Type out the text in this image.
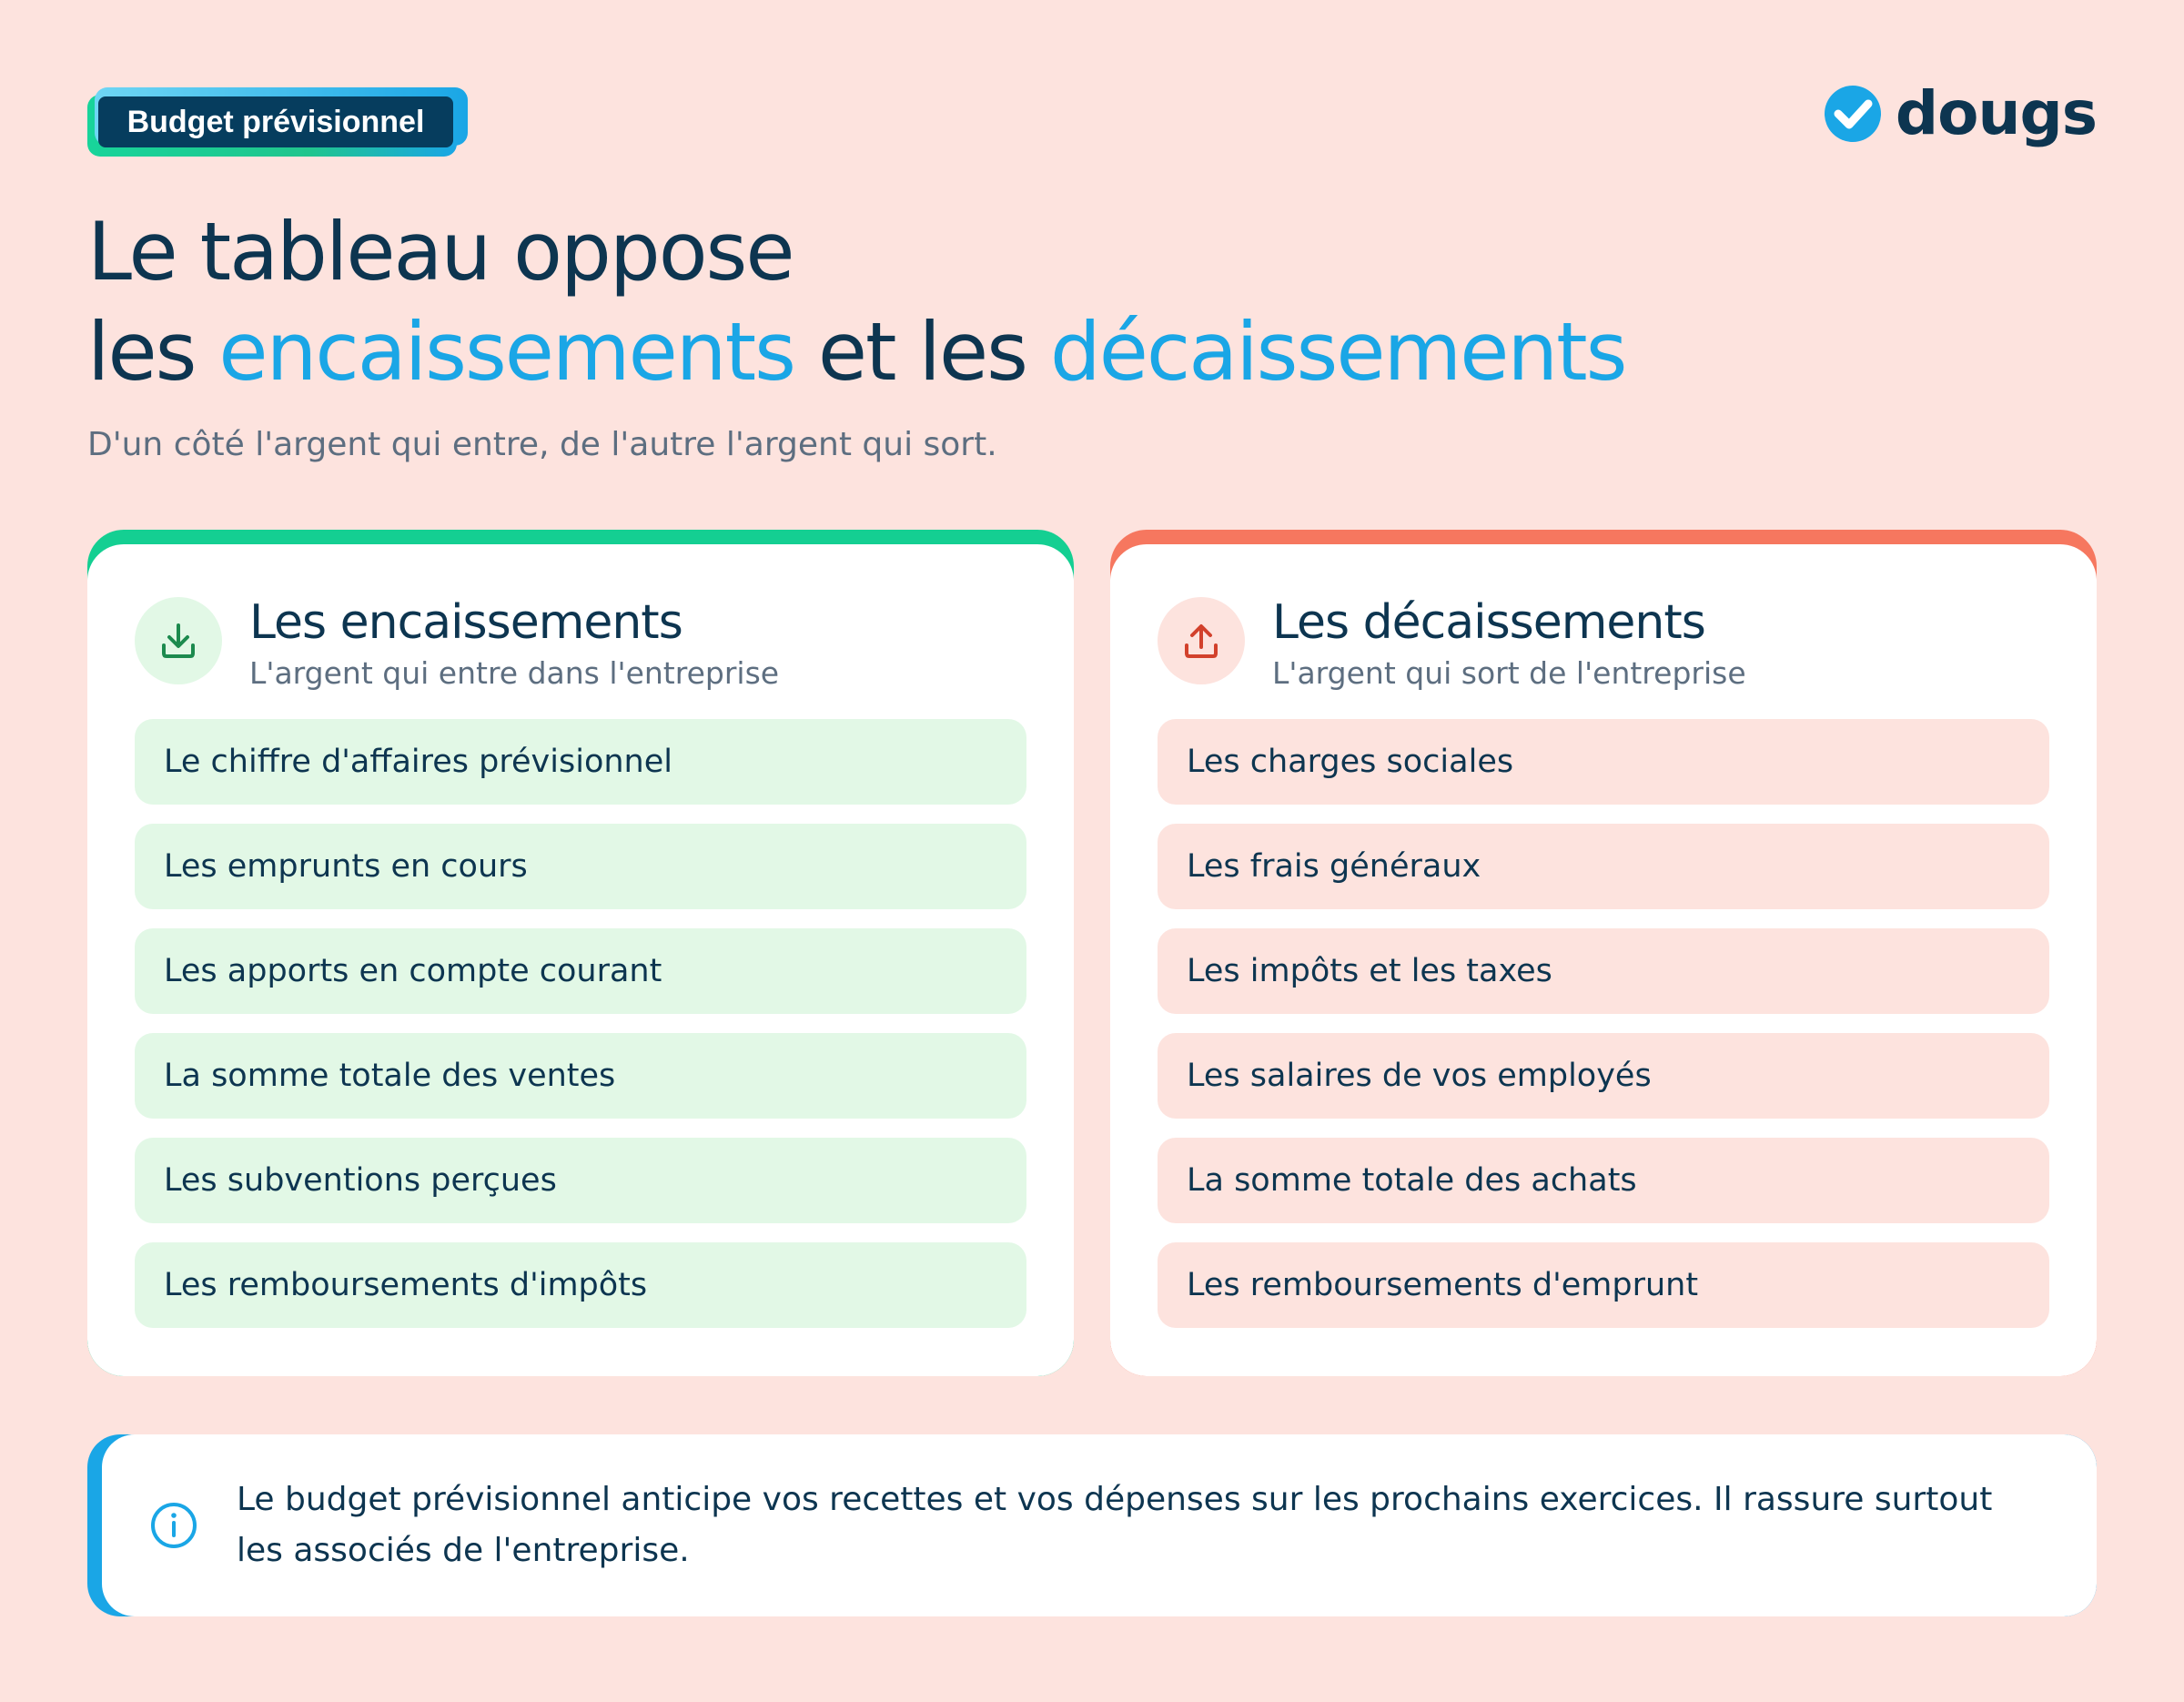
Budget prévisionnel	dougs
Le tableau oppose
les encaissements et les décaissements
D'un côté l'argent qui entre, de l'autre l'argent qui sort.
Les encaissements
L'argent qui entre dans l'entreprise
Le chiffre d'affaires prévisionnel
Les emprunts en cours
Les apports en compte courant
La somme totale des ventes
Les subventions perçues
Les remboursements d'impôts
Les décaissements
L'argent qui sort de l'entreprise
Les charges sociales
Les frais généraux
Les impôts et les taxes
Les salaires de vos employés
La somme totale des achats
Les remboursements d'emprunt
Le budget prévisionnel anticipe vos recettes et vos dépenses sur les prochains exercices. Il rassure surtout les associés de l'entreprise.
